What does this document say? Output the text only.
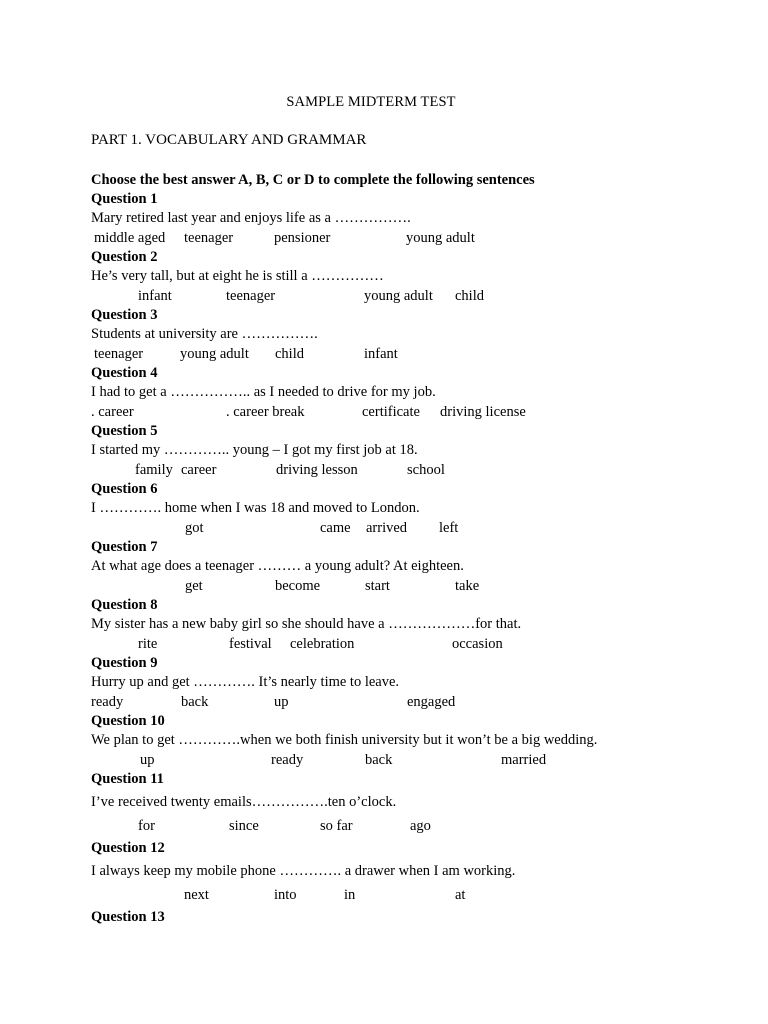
SAMPLE MIDTERM TEST
PART 1. VOCABULARY AND GRAMMAR
Choose the best answer A, B, C or D to complete the following sentences
Question 1
Mary retired last year and enjoys life as a …………….
middle aged teenager	pensioner	young adult
Question 2
He’s very tall, but at eight he is still a ……………
infant	teenager	young adult child
Question 3
Students at university are …………….
teenager	young adult child	infant
Question 4
I had to get a …………….. as I needed to drive for my job.
. career	. career break	certificate driving license
Question 5
I started my ………….. young – I got my first job at 18.
family career	driving lesson	school
Question 6
I …………. home when I was 18 and moved to London.
got	came arrived left
Question 7
At what age does a teenager ……… a young adult? At eighteen.
get	become	start	take
Question 8
My sister has a new baby girl so she should have a ………………for that.
rite	festival celebration	occasion
Question 9
Hurry up and get …………. It’s nearly time to leave.
ready	back	up	engaged
Question 10
We plan to get ………….when we both finish university but it won’t be a big wedding.
up	ready	back	married
Question 11
I’ve received twenty emails…………….ten o’clock.
for	since	so far	ago
Question 12
I always keep my mobile phone …………. a drawer when I am working.
next	into	in	at
Question 13
